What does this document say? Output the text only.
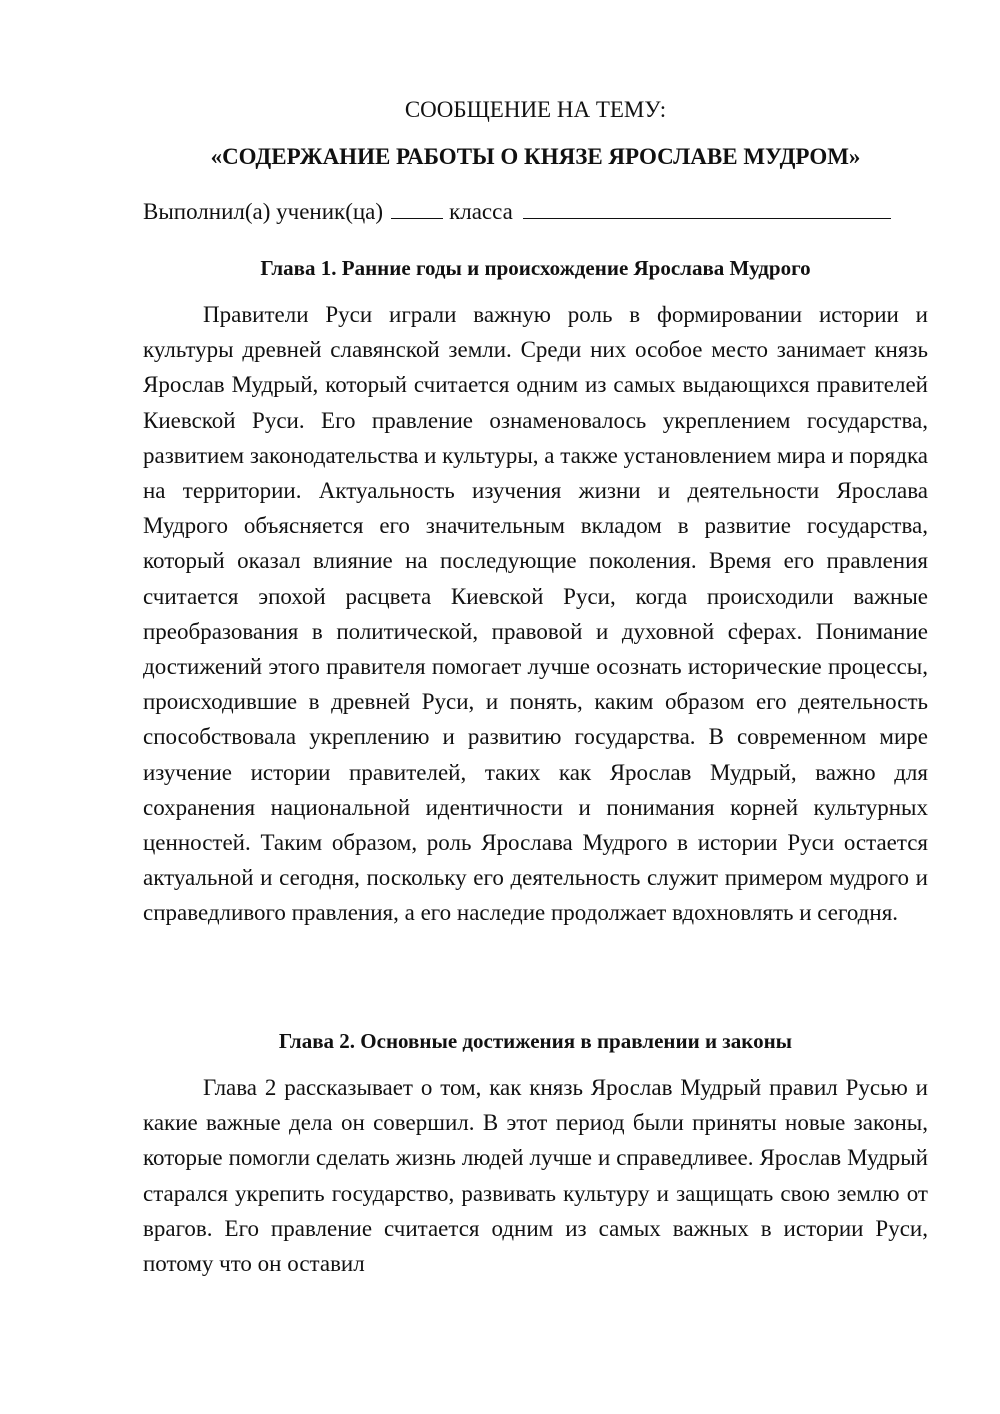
СООБЩЕНИЕ НА ТЕМУ:
«СОДЕРЖАНИЕ РАБОТЫ О КНЯЗЕ ЯРОСЛАВЕ МУДРОМ»
Выполнил(а) ученик(ца)	класса
Глава 1. Ранние годы и происхождение Ярослава Мудрого

Правители Руси играли важную роль в формировании истории и культуры древней славянской земли. Среди них особое место занимает князь Ярослав Мудрый, который считается одним из самых выдающихся правителей Киевской Руси. Его правление ознаменовалось укреплением государства, развитием законодательства и культуры, а также установлением мира и порядка на территории. Актуальность изучения жизни и деятельности Ярослава Мудрого объясняется его значительным вкладом в развитие государства, который оказал влияние на последующие поколения. Время его правления считается эпохой расцвета Киевской Руси, когда происходили важные преобразования в политической, правовой и духовной сферах. Понимание достижений этого правителя помогает лучше осознать исторические процессы, происходившие в древней Руси, и понять, каким образом его деятельность способствовала укреплению и развитию государства. В современном мире изучение истории правителей, таких как Ярослав Мудрый, важно для сохранения национальной идентичности и понимания корней культурных ценностей. Таким образом, роль Ярослава Мудрого в истории Руси остается актуальной и сегодня, поскольку его деятельность служит примером мудрого и справедливого правления, а его наследие продолжает вдохновлять и сегодня.

Глава 2. Основные достижения в правлении и законы

Глава 2 рассказывает о том, как князь Ярослав Мудрый правил Русью и какие важные дела он совершил. В этот период были приняты новые законы, которые помогли сделать жизнь людей лучше и справедливее. Ярослав Мудрый старался укрепить государство, развивать культуру и защищать свою землю от врагов. Его правление считается одним из самых важных в истории Руси, потому что он оставил
